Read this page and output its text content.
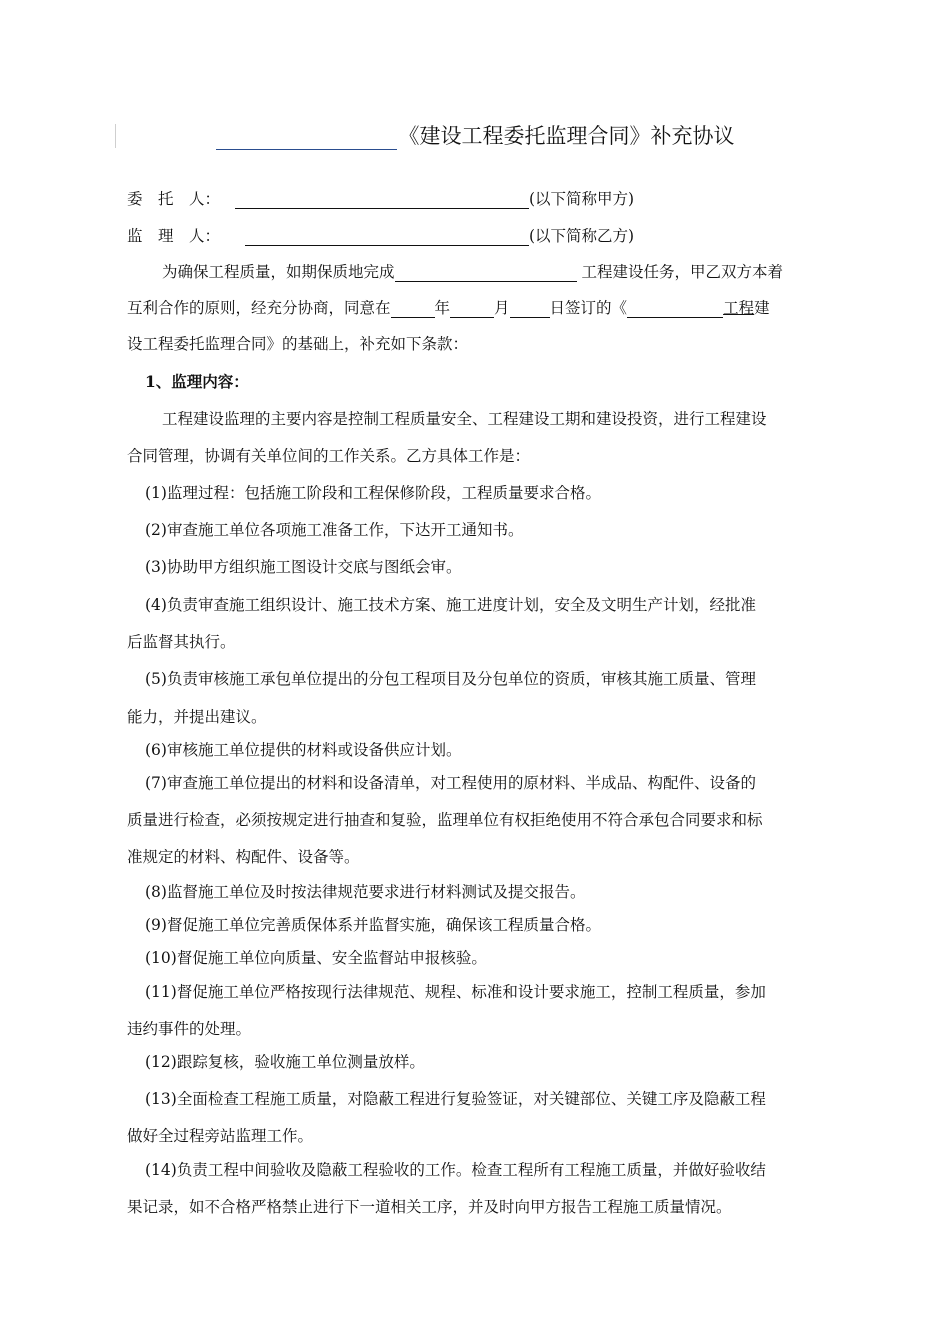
《建设工程委托监理合同》补充协议
委　托　人：	(以下简称甲方)
监　理　人：	(以下简称乙方)
为确保工程质量，如期保质地完成	工程建设任务，甲乙双方本着
互利合作的原则，经充分协商，同意在	年	月	日签订的《	工程建
设工程委托监理合同》的基础上，补充如下条款：
1、监理内容：
工程建设监理的主要内容是控制工程质量安全、工程建设工期和建设投资，进行工程建设
合同管理，协调有关单位间的工作关系。乙方具体工作是：
(1)监理过程：包括施工阶段和工程保修阶段，工程质量要求合格。
(2)审查施工单位各项施工准备工作，下达开工通知书。
(3)协助甲方组织施工图设计交底与图纸会审。
(4)负责审查施工组织设计、施工技术方案、施工进度计划，安全及文明生产计划，经批准
后监督其执行。
(5)负责审核施工承包单位提出的分包工程项目及分包单位的资质，审核其施工质量、管理
能力，并提出建议。
(6)审核施工单位提供的材料或设备供应计划。
(7)审查施工单位提出的材料和设备清单，对工程使用的原材料、半成品、构配件、设备的
质量进行检查，必须按规定进行抽查和复验，监理单位有权拒绝使用不符合承包合同要求和标
准规定的材料、构配件、设备等。
(8)监督施工单位及时按法律规范要求进行材料测试及提交报告。
(9)督促施工单位完善质保体系并监督实施，确保该工程质量合格。
(10)督促施工单位向质量、安全监督站申报核验。
(11)督促施工单位严格按现行法律规范、规程、标准和设计要求施工，控制工程质量，参加
违约事件的处理。
(12)跟踪复核，验收施工单位测量放样。
(13)全面检查工程施工质量，对隐蔽工程进行复验签证，对关键部位、关键工序及隐蔽工程
做好全过程旁站监理工作。
(14)负责工程中间验收及隐蔽工程验收的工作。检查工程所有工程施工质量，并做好验收结
果记录，如不合格严格禁止进行下一道相关工序，并及时向甲方报告工程施工质量情况。
